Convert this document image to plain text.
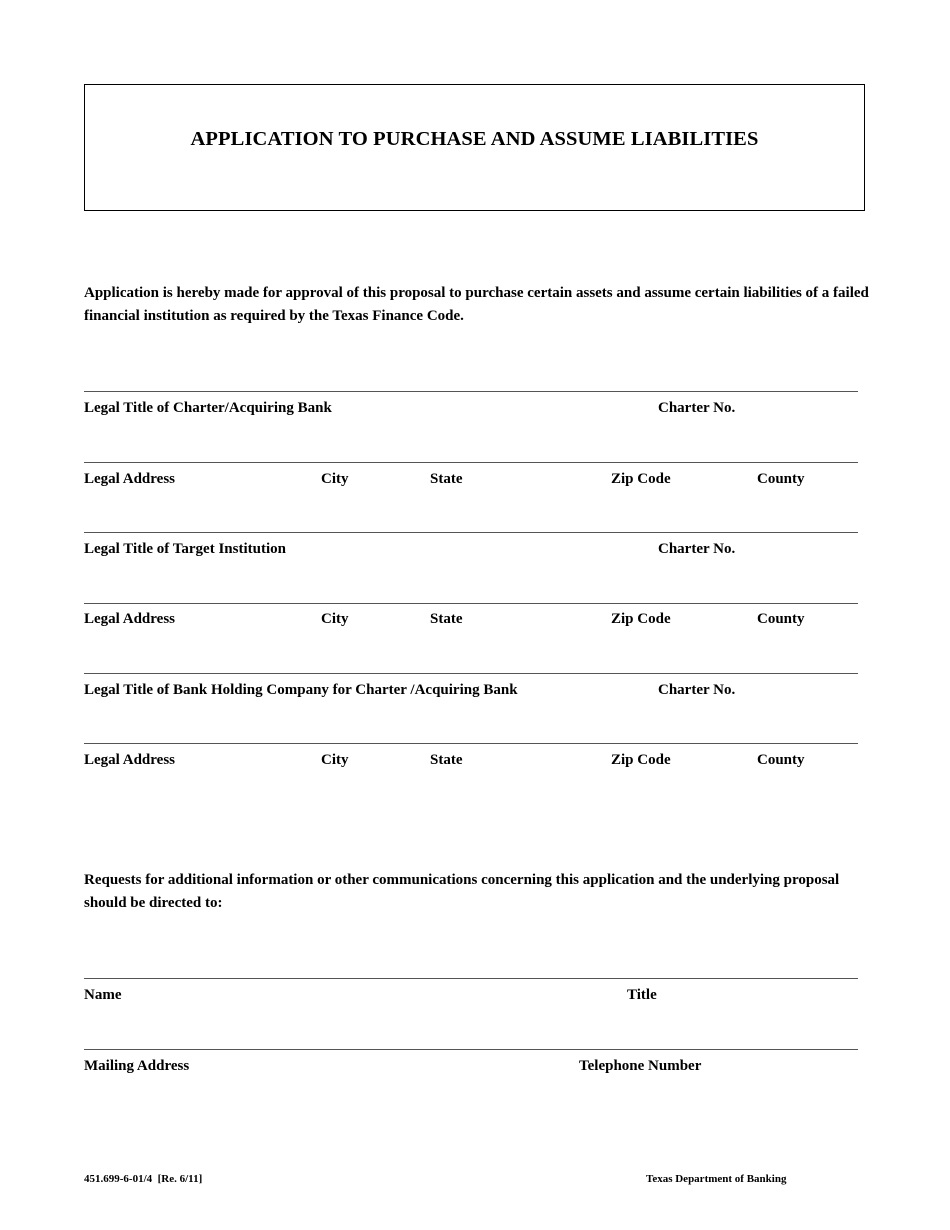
APPLICATION TO PURCHASE AND ASSUME LIABILITIES

Application is hereby made for approval of this proposal to purchase certain assets and assume certain liabilities of a failed financial institution as required by the Texas Finance Code.

Legal Title of Charter/Acquiring Bank	Charter No.
Legal Address	City	State	Zip Code	County
Legal Title of Target Institution	Charter No.
Legal Address	City	State	Zip Code	County
Legal Title of Bank Holding Company for Charter /Acquiring Bank	Charter No.
Legal Address	City	State	Zip Code	County

Requests for additional information or other communications concerning this application and the underlying proposal should be directed to:

Name	Title
Mailing Address	Telephone Number
451.699-6-01/4  [Re. 6/11]	Texas Department of Banking
